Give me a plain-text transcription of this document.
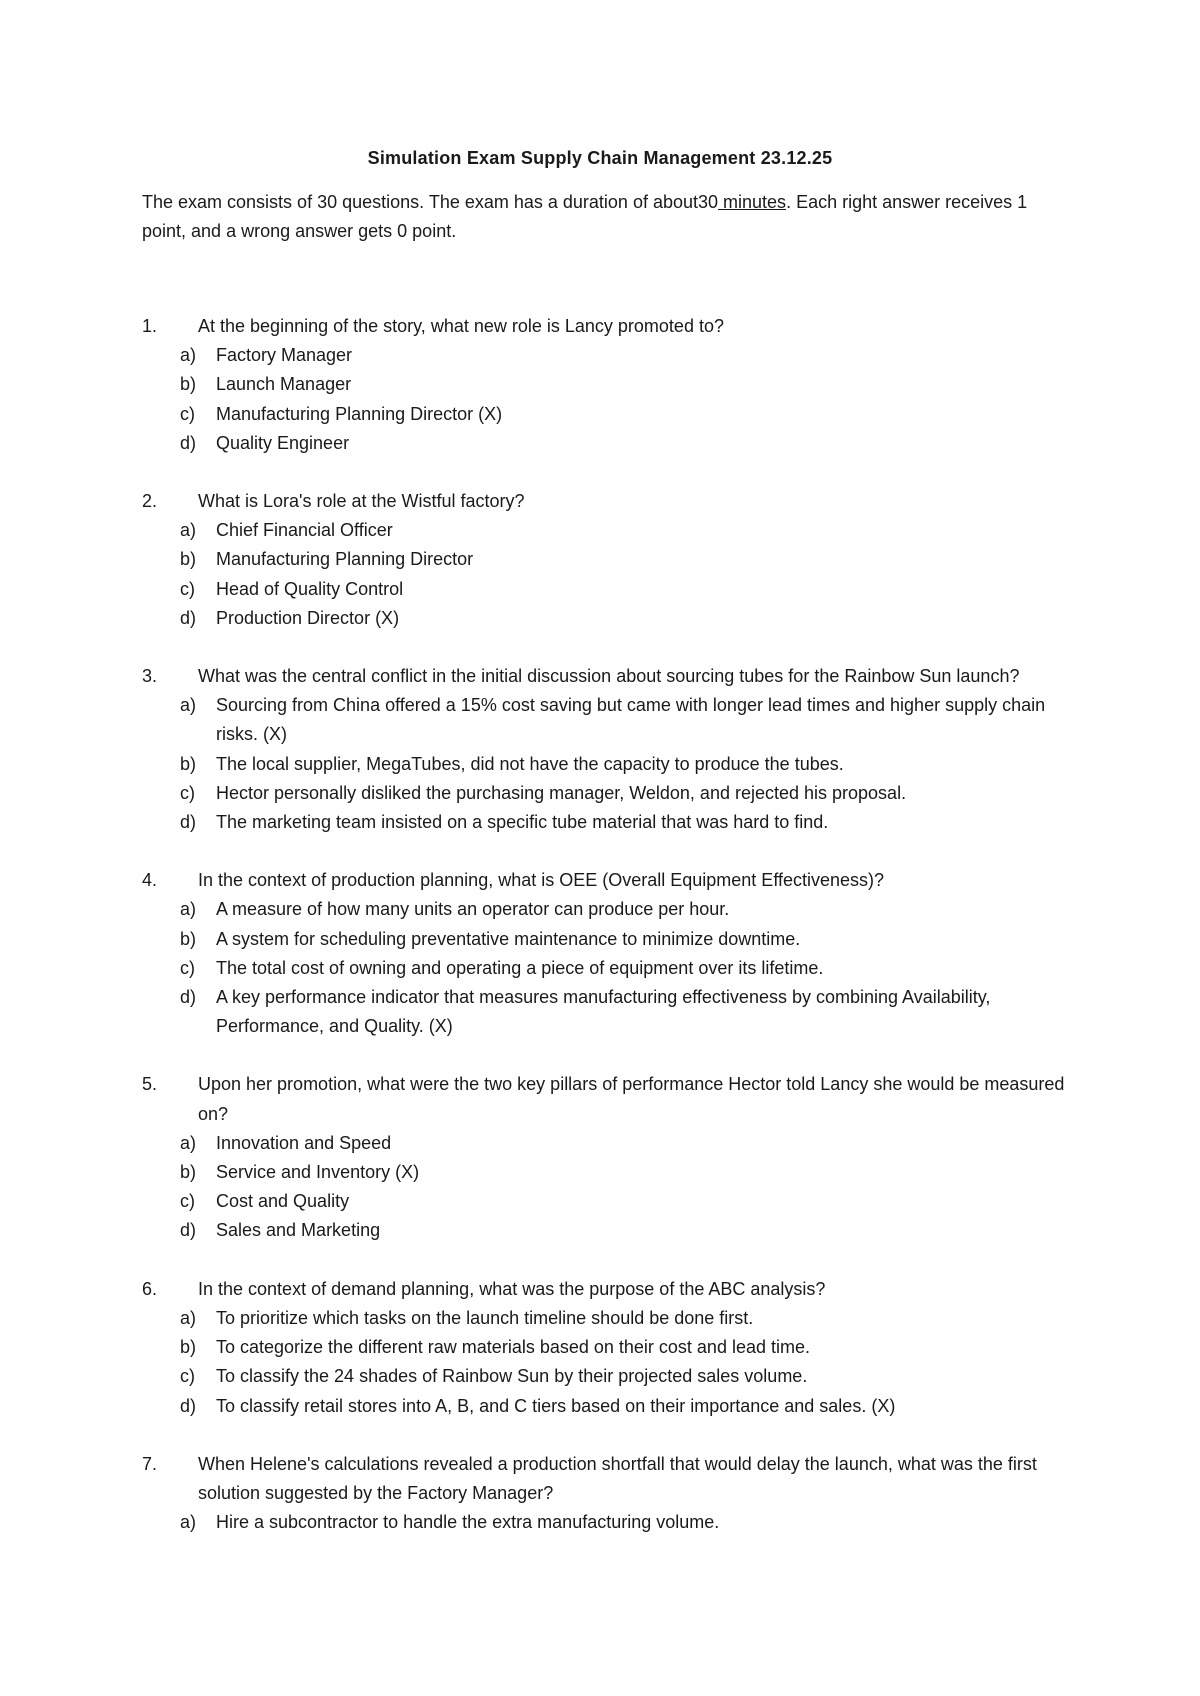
Simulation Exam Supply Chain Management 23.12.25
The exam consists of 30 questions. The exam has a duration of about30 minutes. Each right answer receives 1 point, and a wrong answer gets 0 point.
1.	At the beginning of the story, what new role is Lancy promoted to?
a)	Factory Manager
b)	Launch Manager
c)	Manufacturing Planning Director (X)
d)	Quality Engineer
2.	What is Lora's role at the Wistful factory?
a)	Chief Financial Officer
b)	Manufacturing Planning Director
c)	Head of Quality Control
d)	Production Director (X)
3.	What was the central conflict in the initial discussion about sourcing tubes for the Rainbow Sun launch?
a)	Sourcing from China offered a 15% cost saving but came with longer lead times and higher supply chain risks. (X)
b)	The local supplier, MegaTubes, did not have the capacity to produce the tubes.
c)	Hector personally disliked the purchasing manager, Weldon, and rejected his proposal.
d)	The marketing team insisted on a specific tube material that was hard to find.
4.	In the context of production planning, what is OEE (Overall Equipment Effectiveness)?
a)	A measure of how many units an operator can produce per hour.
b)	A system for scheduling preventative maintenance to minimize downtime.
c)	The total cost of owning and operating a piece of equipment over its lifetime.
d)	A key performance indicator that measures manufacturing effectiveness by combining Availability, Performance, and Quality. (X)
5.	Upon her promotion, what were the two key pillars of performance Hector told Lancy she would be measured on?
a)	Innovation and Speed
b)	Service and Inventory (X)
c)	Cost and Quality
d)	Sales and Marketing
6.	In the context of demand planning, what was the purpose of the ABC analysis?
a)	To prioritize which tasks on the launch timeline should be done first.
b)	To categorize the different raw materials based on their cost and lead time.
c)	To classify the 24 shades of Rainbow Sun by their projected sales volume.
d)	To classify retail stores into A, B, and C tiers based on their importance and sales. (X)
7.	When Helene's calculations revealed a production shortfall that would delay the launch, what was the first solution suggested by the Factory Manager?
a)	Hire a subcontractor to handle the extra manufacturing volume.
